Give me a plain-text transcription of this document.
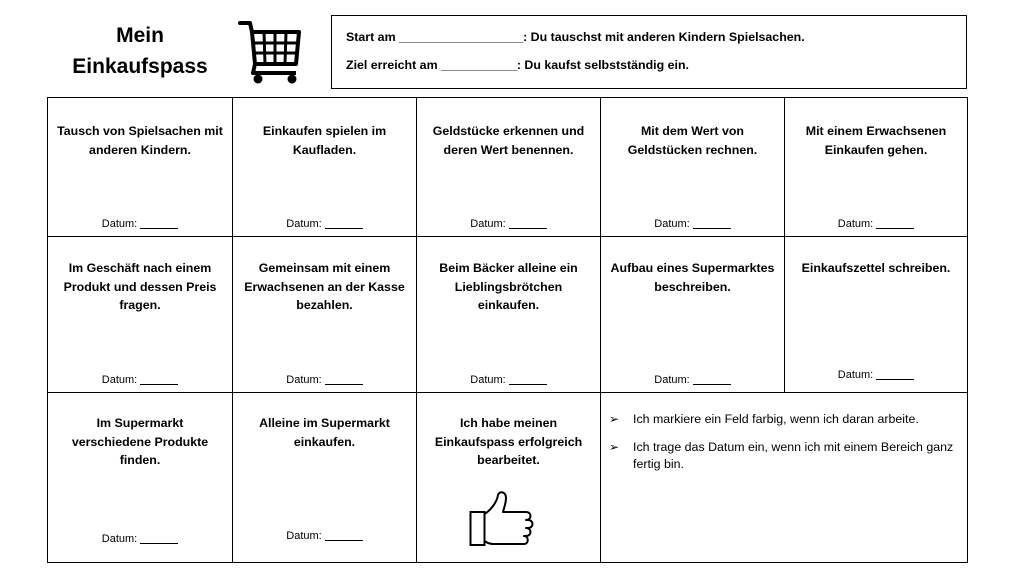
Mein
Einkaufspass
Start am __________________: Du tauschst mit anderen Kindern Spielsachen.
Ziel erreicht am ___________: Du kaufst selbstständig ein.
Tausch von Spielsachen mit anderen Kindern.
Datum:
Einkaufen spielen im Kaufladen.
Datum:
Geldstücke erkennen und deren Wert benennen.
Datum:
Mit dem Wert von Geldstücken rechnen.
Datum:
Mit einem Erwachsenen Einkaufen gehen.
Datum:
Im Geschäft nach einem Produkt und dessen Preis fragen.
Datum:
Gemeinsam mit einem Erwachsenen an der Kasse bezahlen.
Datum:
Beim Bäcker alleine ein Lieblingsbrötchen einkaufen.
Datum:
Aufbau eines Supermarktes beschreiben.
Datum:
Einkaufszettel schreiben.
Datum:
Im Supermarkt verschiedene Produkte finden.
Datum:
Alleine im Supermarkt einkaufen.
Datum:
Ich habe meinen Einkaufspass erfolgreich bearbeitet.
➢	Ich markiere ein Feld farbig, wenn ich daran arbeite.
➢	Ich trage das Datum ein, wenn ich mit einem Bereich ganz fertig bin.
